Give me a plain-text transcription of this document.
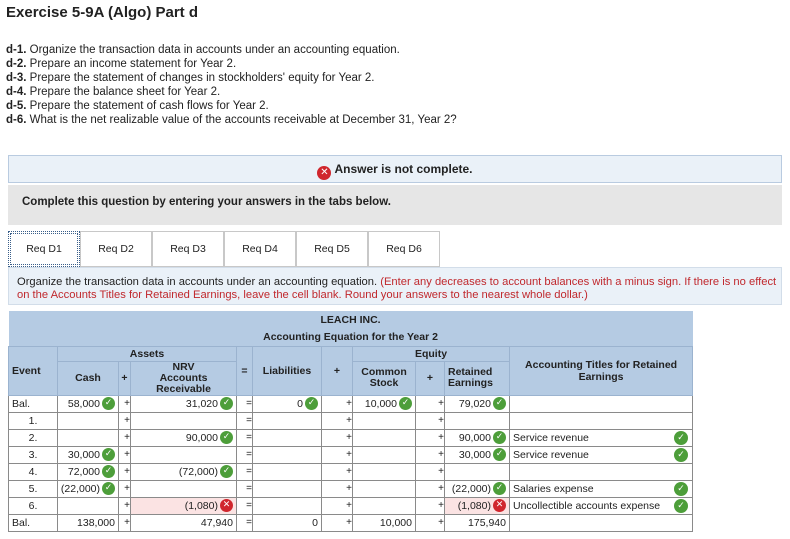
Exercise 5-9A (Algo) Part d
d-1. Organize the transaction data in accounts under an accounting equation.
d-2. Prepare an income statement for Year 2.
d-3. Prepare the statement of changes in stockholders' equity for Year 2.
d-4. Prepare the balance sheet for Year 2.
d-5. Prepare the statement of cash flows for Year 2.
d-6. What is the net realizable value of the accounts receivable at December 31, Year 2?
✕ Answer is not complete.
Complete this question by entering your answers in the tabs below.
Req D1	Req D2	Req D3	Req D4	Req D5	Req D6
Organize the transaction data in accounts under an accounting equation. (Enter any decreases to account balances with a minus sign. If there is no effect on the Accounts Titles for Retained Earnings, leave the cell blank. Round your answers to the nearest whole dollar.)
LEACH INC.										
Accounting Equation for the Year 2										
Event	Assets			=	Liabilities	+	Equity			Accounting Titles for Retained Earnings
	Cash	+	NRV Accounts Receivable				Common Stock	+	Retained Earnings	

Bal.	58,000 ✓	+	31,020 ✓	=	0 ✓	+	10,000 ✓	+	79,020 ✓	

1.		+		=		+		+		

2.		+	90,000 ✓	=		+		+	90,000 ✓	Service revenue

3.	30,000 ✓	+		=		+		+	30,000 ✓	Service revenue

4.	72,000 ✓	+	(72,000) ✓	=		+		+		

5.	(22,000) ✓	+		=		+		+	(22,000) ✓	Salaries expense

6.		+	(1,080) ✕	=		+		+	(1,080) ✕	Uncollectible accounts expense

Bal.	138,000	+	47,940	=	0	+	10,000	+	175,940	

✓
✓
✓
✓
